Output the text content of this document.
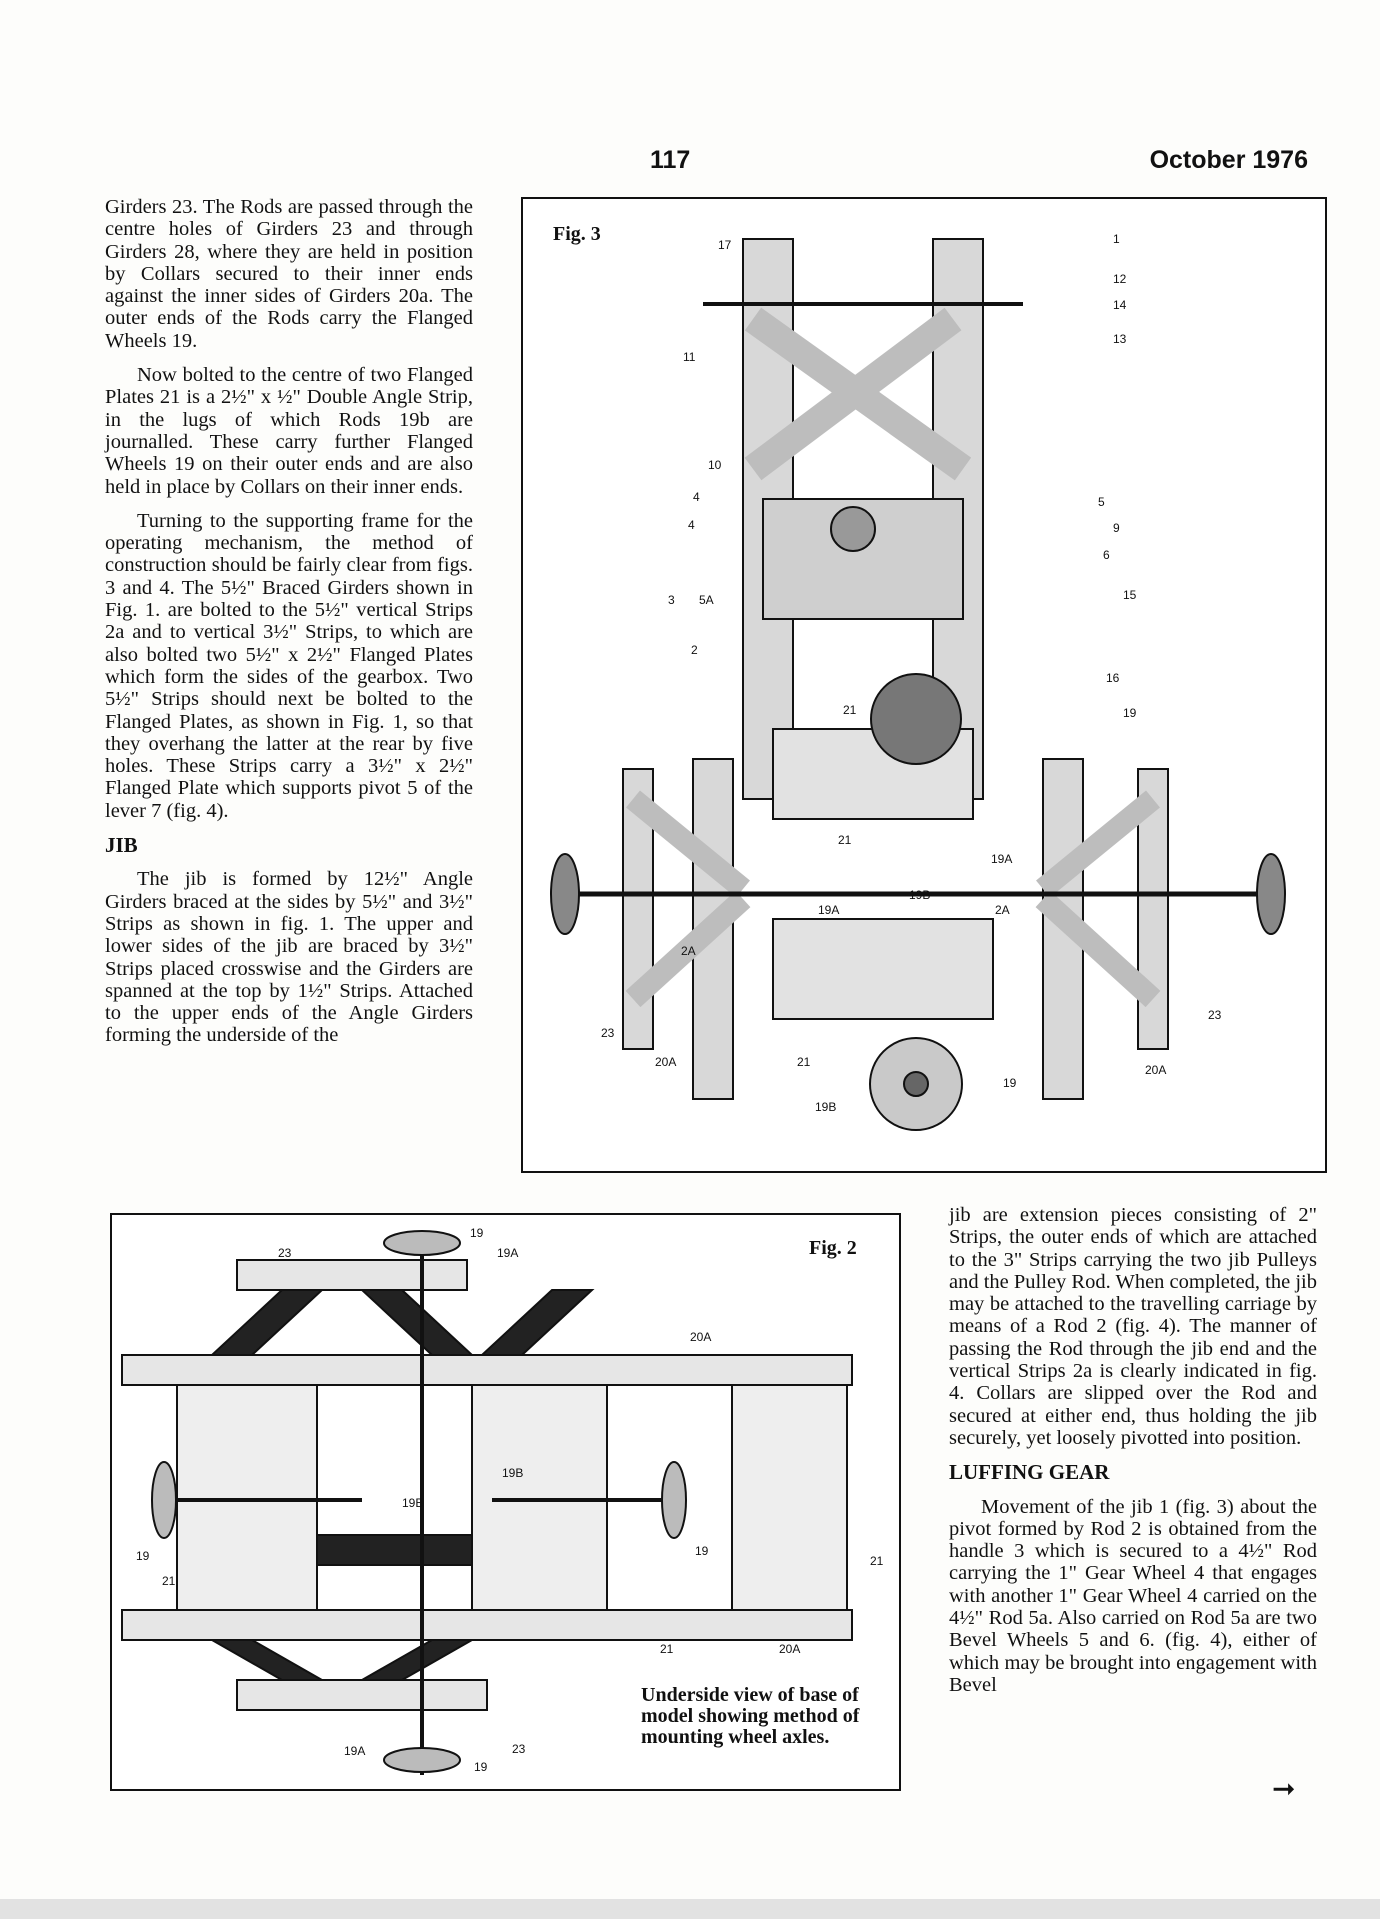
117	October 1976

Girders 23. The Rods are passed through the centre holes of Girders 23 and through Girders 28, where they are held in position by Collars secured to their inner ends against the inner sides of Girders 20a. The outer ends of the Rods carry the Flanged Wheels 19.

Now bolted to the centre of two Flanged Plates 21 is a 2½" x ½" Double Angle Strip, in the lugs of which Rods 19b are journalled. These carry further Flanged Wheels 19 on their outer ends and are also held in place by Collars on their inner ends.

Turning to the supporting frame for the operating mechanism, the method of construction should be fairly clear from figs. 3 and 4. The 5½" Braced Girders shown in Fig. 1. are bolted to the 5½" vertical Strips 2a and to vertical 3½" Strips, to which are also bolted two 5½" x 2½" Flanged Plates which form the sides of the gearbox. Two 5½" Strips should next be bolted to the Flanged Plates, as shown in Fig. 1, so that they overhang the latter at the rear by five holes. These Strips carry a 3½" x 2½" Flanged Plate which supports pivot 5 of the lever 7 (fig. 4).

JIB

The jib is formed by 12½" Angle Girders braced at the sides by 5½" and 3½" Strips as shown in fig. 1. The upper and lower sides of the jib are braced by 3½" Strips placed crosswise and the Girders are spanned at the top by 1½" Strips. Attached to the upper ends of the Angle Girders forming the underside of the

Fig. 3	1
12
14
13
17
11
10
4
4
5
9
6
15
3 5A
2
16
21	19
21
19A
19B
19A	2A
2A
23
23
20A	21
19
19B
20A
Fig. 2
19
23	19A
20A
19B
19B
19
21
19
21
21	20A
19A	23
19
Underside view of base of model showing method of mounting wheel axles.

jib are extension pieces consisting of 2" Strips, the outer ends of which are attached to the 3" Strips carrying the two jib Pulleys and the Pulley Rod. When completed, the jib may be attached to the travelling carriage by means of a Rod 2 (fig. 4). The manner of passing the Rod through the jib end and the vertical Strips 2a is clearly indicated in fig. 4. Collars are slipped over the Rod and secured at either end, thus holding the jib securely, yet loosely pivotted into position.

LUFFING GEAR

Movement of the jib 1 (fig. 3) about the pivot formed by Rod 2 is obtained from the handle 3 which is secured to a 4½" Rod carrying the 1" Gear Wheel 4 that engages with another 1" Gear Wheel 4 carried on the 4½" Rod 5a. Also carried on Rod 5a are two Bevel Wheels 5 and 6. (fig. 4), either of which may be brought into engagement with Bevel

➞
